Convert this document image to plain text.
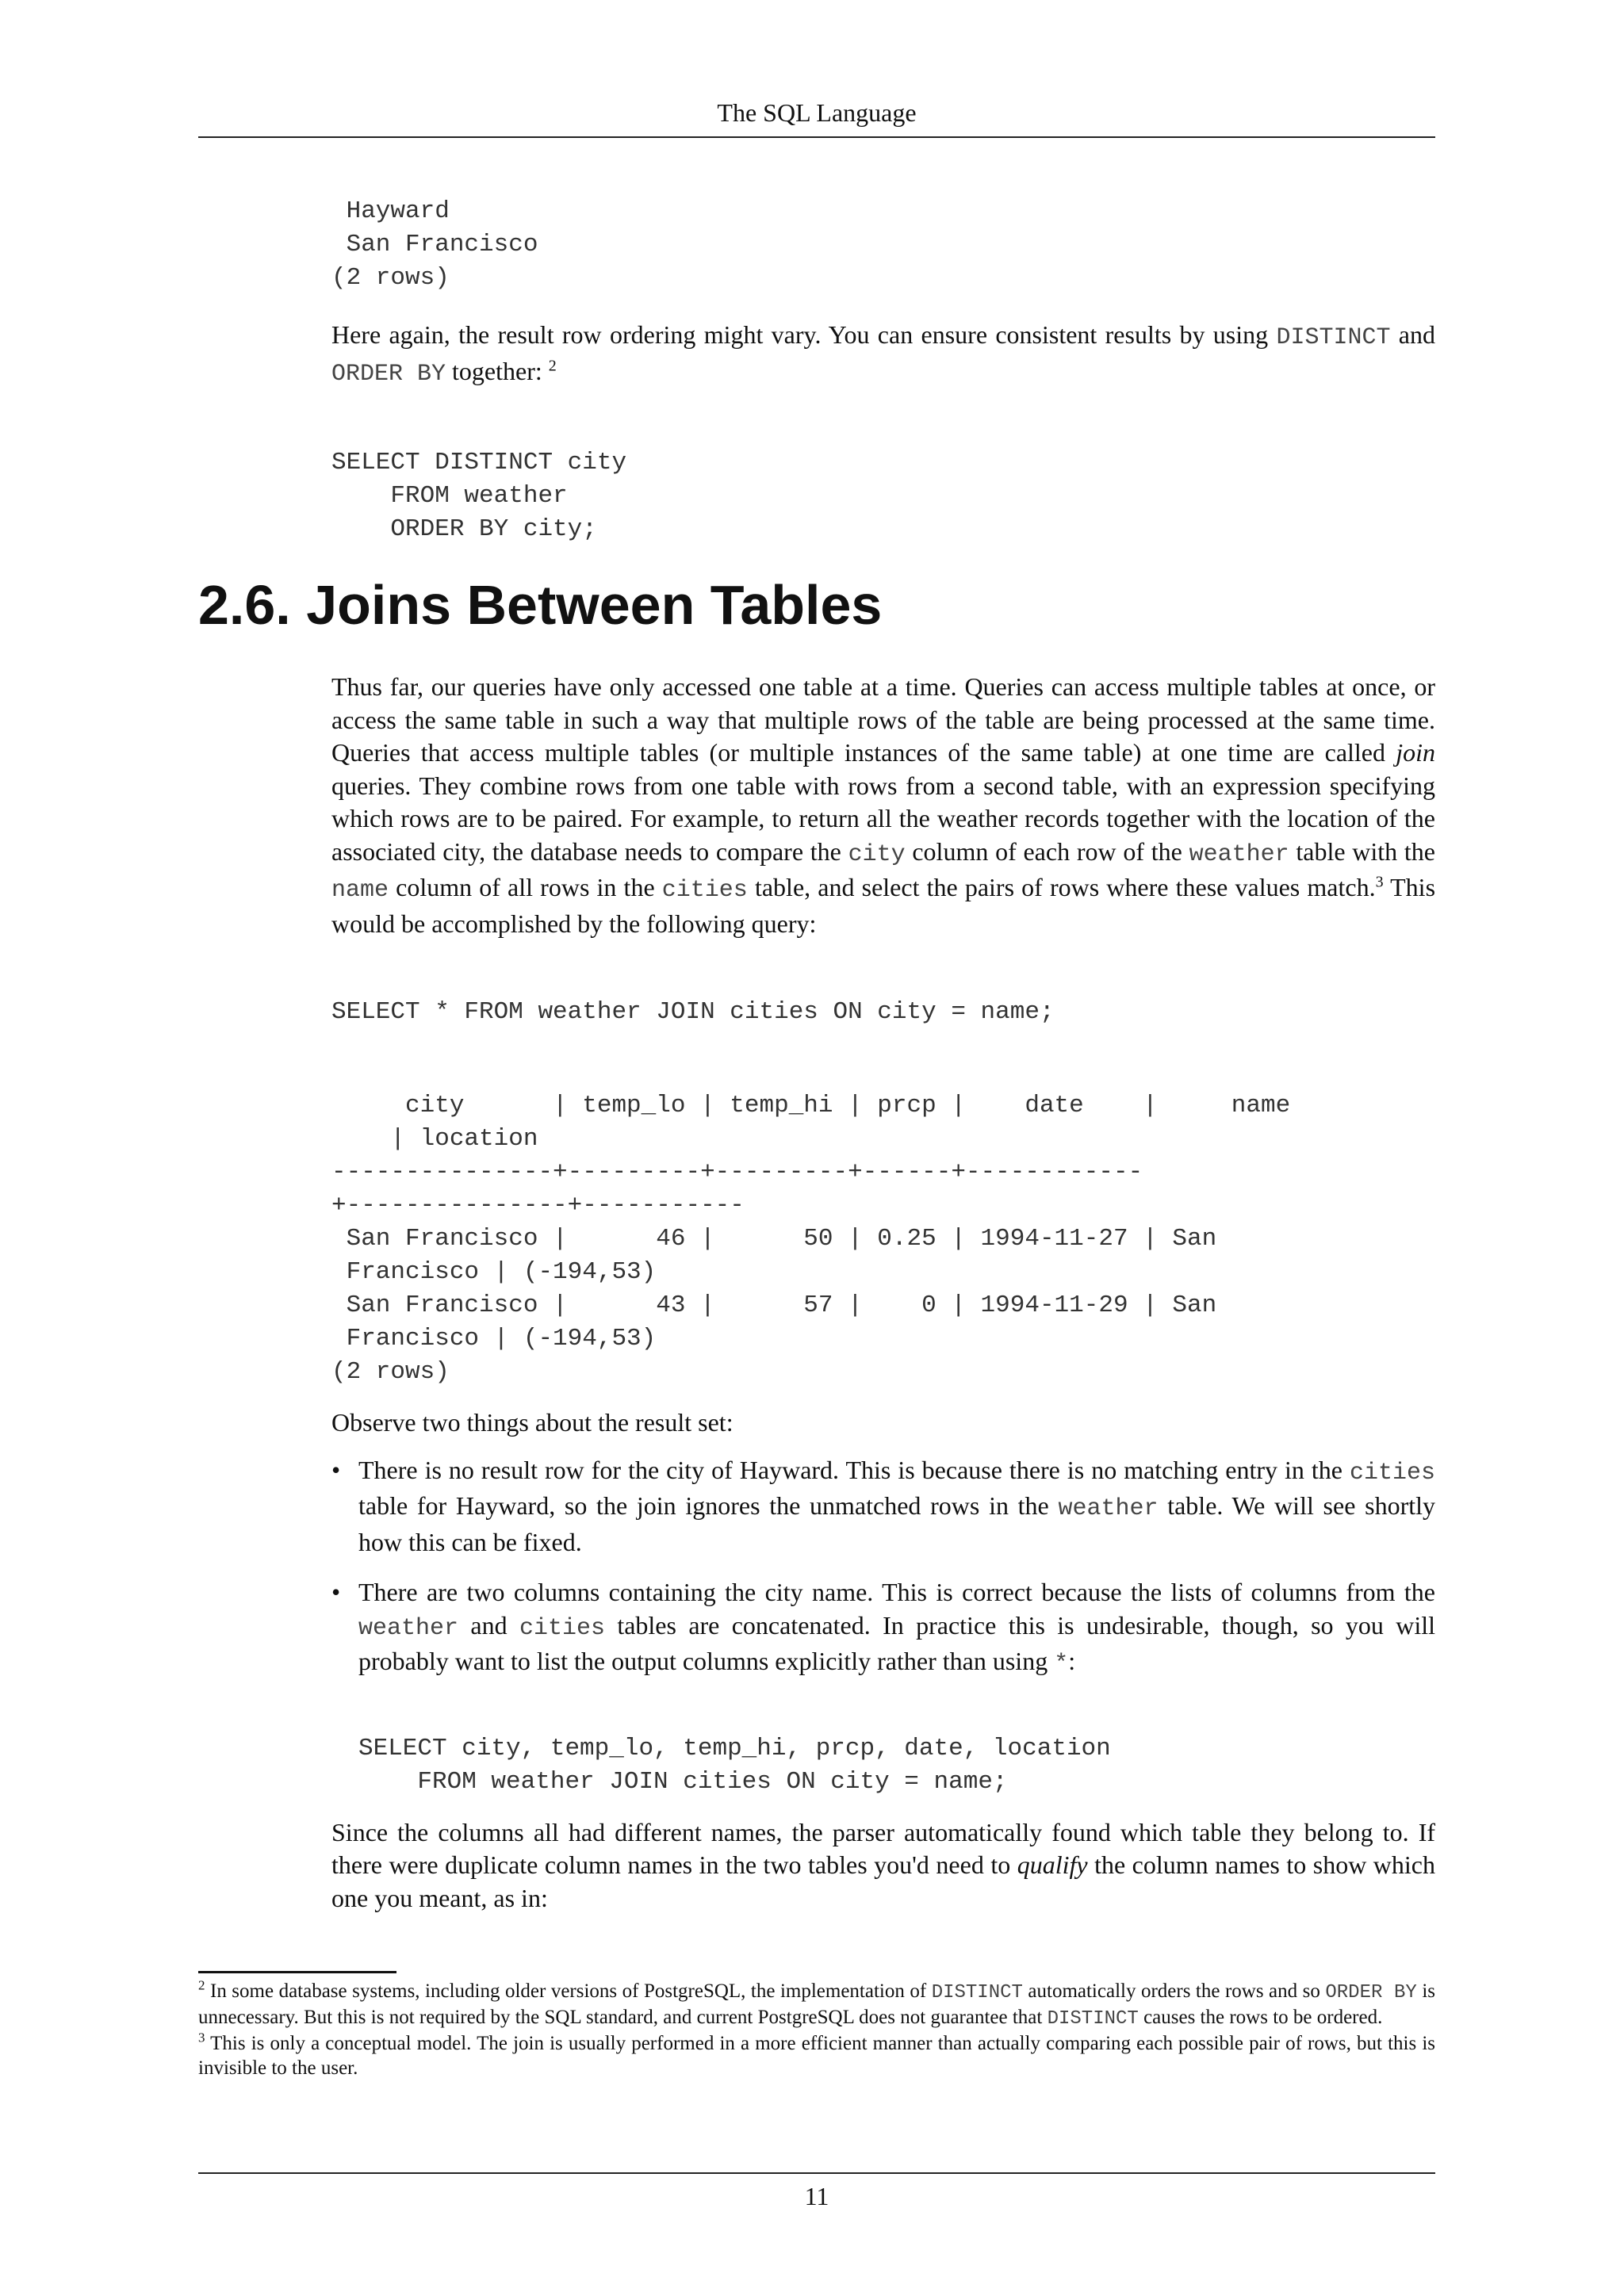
The SQL Language
Hayward
San Francisco
(2 rows)

Here again, the result row ordering might vary. You can ensure consistent results by using DISTINCT and ORDER BY together: $^2$

SELECT DISTINCT city
FROM weather
ORDER BY city;
2.6. Joins Between Tables

Thus far, our queries have only accessed one table at a time. Queries can access multiple tables at once, or access the same table in such a way that multiple rows of the table are being processed at the same time. Queries that access multiple tables (or multiple instances of the same table) at one time are called join queries. They combine rows from one table with rows from a second table, with an expression specifying which rows are to be paired. For example, to return all the weather records together with the location of the associated city, the database needs to compare the city column of each row of the weather table with the name column of all rows in the cities table, and select the pairs of rows where these values match.$^3$ This would be accomplished by the following query:

SELECT * FROM weather JOIN cities ON city = name;
city      | temp_lo | temp_hi | prcp |    date    |     name
| location
---------------+---------+---------+------+------------
+---------------+-----------
San Francisco |      46 |      50 | 0.25 | 1994-11-27 | San
Francisco | (-194,53)
San Francisco |      43 |      57 |    0 | 1994-11-29 | San
Francisco | (-194,53)
(2 rows)

Observe two things about the result set:

• There is no result row for the city of Hayward. This is because there is no matching entry in the cities table for Hayward, so the join ignores the unmatched rows in the weather table. We will see shortly how this can be fixed.

• There are two columns containing the city name. This is correct because the lists of columns from the weather and cities tables are concatenated. In practice this is undesirable, though, so you will probably want to list the output columns explicitly rather than using *:

SELECT city, temp_lo, temp_hi, prcp, date, location
FROM weather JOIN cities ON city = name;

Since the columns all had different names, the parser automatically found which table they belong to. If there were duplicate column names in the two tables you'd need to qualify the column names to show which one you meant, as in:

$^2$ In some database systems, including older versions of PostgreSQL, the implementation of DISTINCT automatically orders the rows and so ORDER BY is unnecessary. But this is not required by the SQL standard, and current PostgreSQL does not guarantee that DISTINCT causes the rows to be ordered.

$^3$ This is only a conceptual model. The join is usually performed in a more efficient manner than actually comparing each possible pair of rows, but this is invisible to the user.

11
